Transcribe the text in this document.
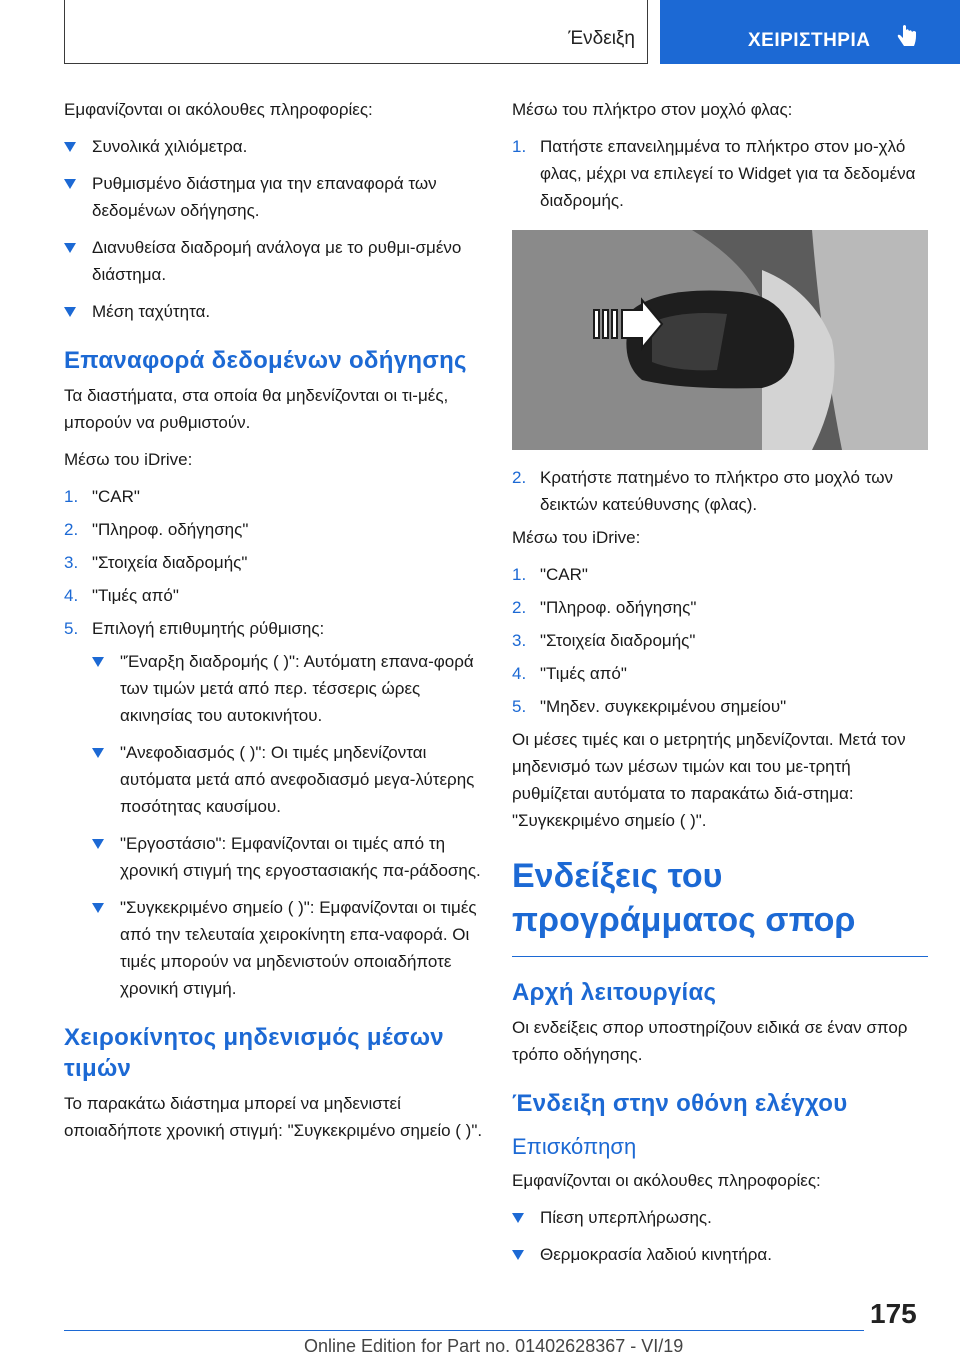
Ένδειξη	ΧΕΙΡΙΣΤΗΡΙΑ

Εμφανίζονται οι ακόλουθες πληροφορίες:

Συνολικά χιλιόμετρα.
Ρυθμισμένο διάστημα για την επαναφορά των δεδομένων οδήγησης.
Διανυθείσα διαδρομή ανάλογα με το ρυθμι-σμένο διάστημα.
Μέση ταχύτητα.
Επαναφορά δεδομένων οδήγησης

Τα διαστήματα, στα οποία θα μηδενίζονται οι τι-μές, μπορούν να ρυθμιστούν.

Μέσω του iDrive:

1. "CAR"
2. "Πληροφ. οδήγησης"
3. "Στοιχεία διαδρομής"
4. "Τιμές από"
5. Επιλογή επιθυμητής ρύθμισης:
"Έναρξη διαδρομής ( )": Αυτόματη επανα-φορά των τιμών μετά από περ. τέσσερις ώρες ακινησίας του αυτοκινήτου.
"Ανεφοδιασμός ( )": Οι τιμές μηδενίζονται αυτόματα μετά από ανεφοδιασμό μεγα-λύτερης ποσότητας καυσίμου.
"Εργοστάσιο": Εμφανίζονται οι τιμές από τη χρονική στιγμή της εργοστασιακής πα-ράδοσης.
"Συγκεκριμένο σημείο ( )": Εμφανίζονται οι τιμές από την τελευταία χειροκίνητη επα-ναφορά. Οι τιμές μπορούν να μηδενιστούν οποιαδήποτε χρονική στιγμή.
Χειροκίνητος μηδενισμός μέσων τιμών

Το παρακάτω διάστημα μπορεί να μηδενιστεί οποιαδήποτε χρονική στιγμή: "Συγκεκριμένο σημείο ( )".

Μέσω του πλήκτρο στον μοχλό φλας:

1. Πατήστε επανειλημμένα το πλήκτρο στον μο-χλό φλας, μέχρι να επιλεγεί το Widget για τα δεδομένα διαδρομής.
2. Κρατήστε πατημένο το πλήκτρο στο μοχλό των δεικτών κατεύθυνσης (φλας).

Μέσω του iDrive:

1. "CAR"
2. "Πληροφ. οδήγησης"
3. "Στοιχεία διαδρομής"
4. "Τιμές από"
5. "Μηδεν. συγκεκριμένου σημείου"

Οι μέσες τιμές και ο μετρητής μηδενίζονται. Μετά τον μηδενισμό των μέσων τιμών και του με-τρητή ρυθμίζεται αυτόματα το παρακάτω διά-στημα: "Συγκεκριμένο σημείο ( )".

Ενδείξεις του προγράμματος σπορ
Αρχή λειτουργίας

Οι ενδείξεις σπορ υποστηρίζουν ειδικά σε έναν σπορ τρόπο οδήγησης.

Ένδειξη στην οθόνη ελέγχου
Επισκόπηση

Εμφανίζονται οι ακόλουθες πληροφορίες:

Πίεση υπερπλήρωσης.
Θερμοκρασία λαδιού κινητήρα.
175
Online Edition for Part no. 01402628367 - VI/19
